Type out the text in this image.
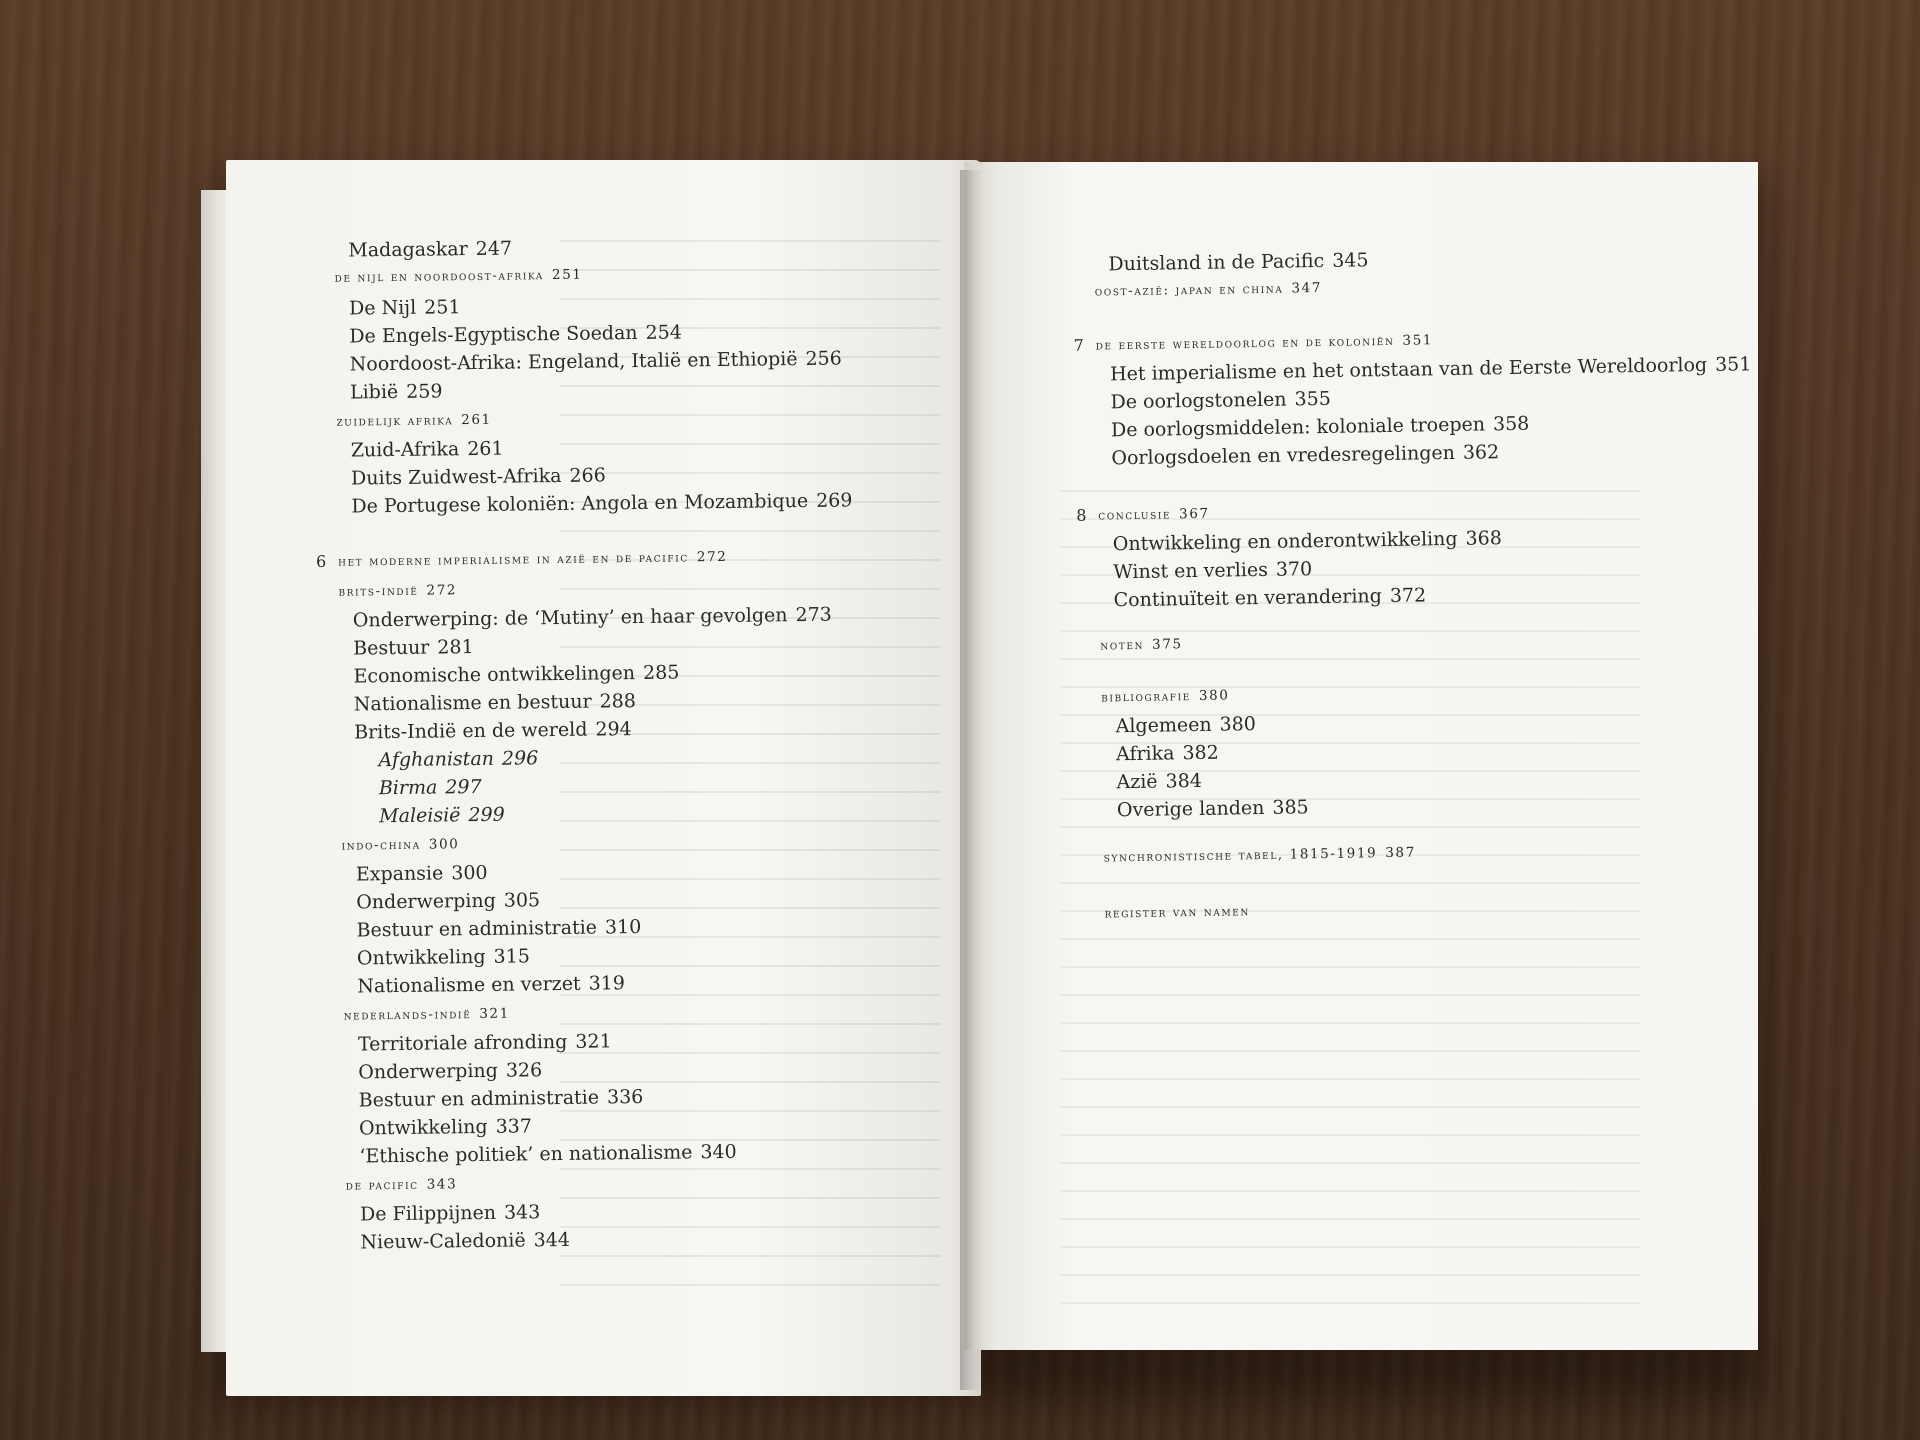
Madagaskar 247
de nijl en noordoost-afrika 251
De Nijl 251
De Engels-Egyptische Soedan 254
Noordoost-Afrika: Engeland, Italië en Ethiopië 256
Libië 259
zuidelijk afrika 261
Zuid-Afrika 261
Duits Zuidwest-Afrika 266
De Portugese koloniën: Angola en Mozambique 269
6 het moderne imperialisme in azië en de pacific 272
brits-indië 272
Onderwerping: de ‘Mutiny’ en haar gevolgen 273
Bestuur 281
Economische ontwikkelingen 285
Nationalisme en bestuur 288
Brits-Indië en de wereld 294
Afghanistan 296
Birma 297
Maleisië 299
indo-china 300
Expansie 300
Onderwerping 305
Bestuur en administratie 310
Ontwikkeling 315
Nationalisme en verzet 319
nederlands-indië 321
Territoriale afronding 321
Onderwerping 326
Bestuur en administratie 336
Ontwikkeling 337
‘Ethische politiek’ en nationalisme 340
de pacific 343
De Filippijnen 343
Nieuw-Caledonië 344
Duitsland in de Pacific 345
oost-azië: japan en china 347
7 de eerste wereldoorlog en de koloniën 351
Het imperialisme en het ontstaan van de Eerste Wereldoorlog 351
De oorlogstonelen 355
De oorlogsmiddelen: koloniale troepen 358
Oorlogsdoelen en vredesregelingen 362
8 conclusie 367
Ontwikkeling en onderontwikkeling 368
Winst en verlies 370
Continuïteit en verandering 372
noten 375
bibliografie 380
Algemeen 380
Afrika 382
Azië 384
Overige landen 385
synchronistische tabel, 1815-1919 387
register van namen
